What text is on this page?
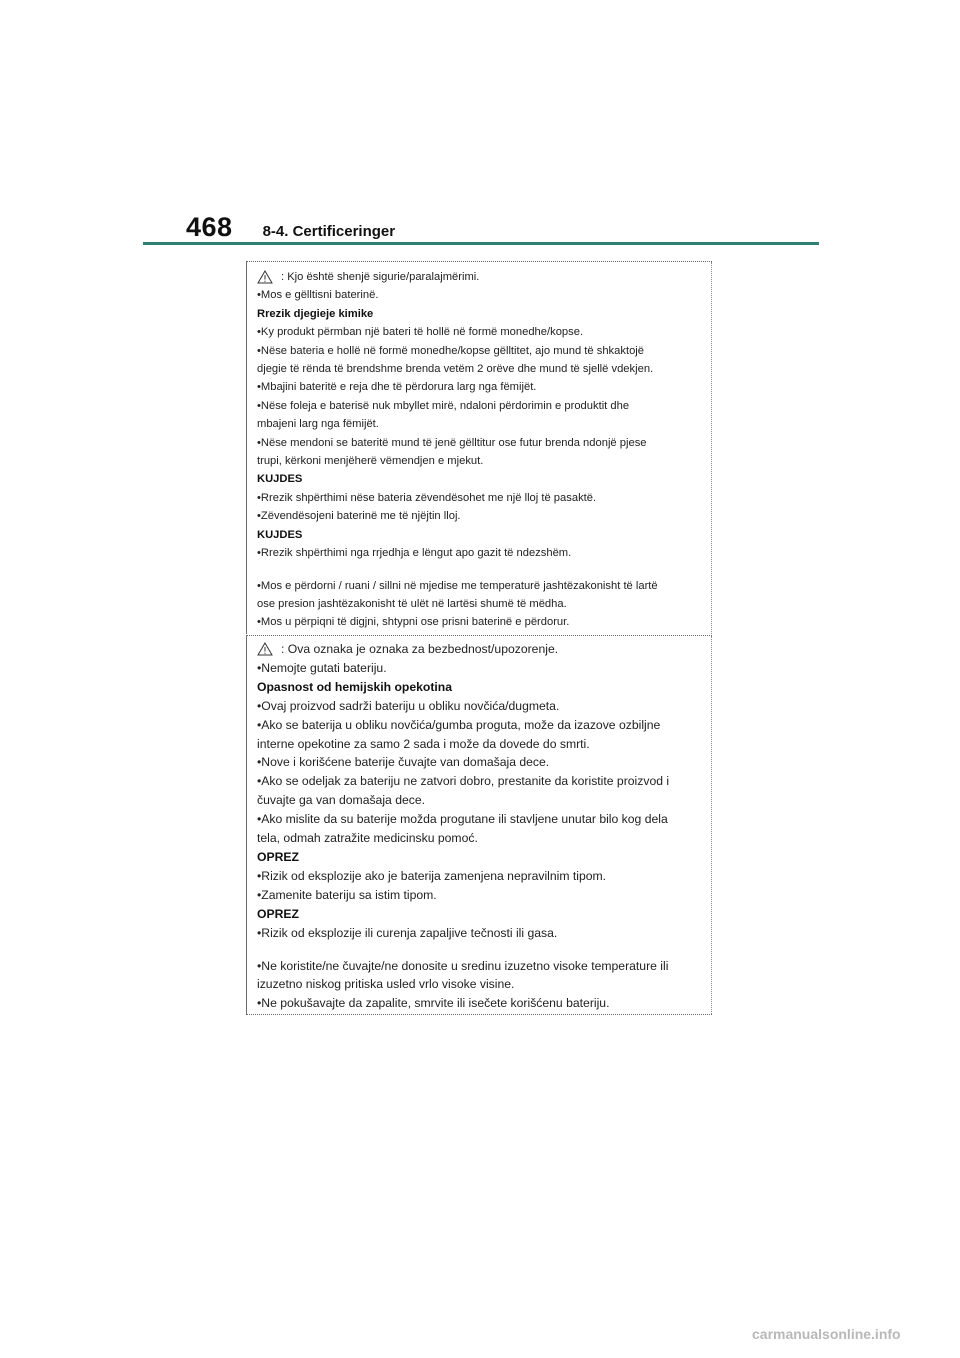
468 8-4. Certificeringer

: Kjo është shenjë sigurie/paralajmërimi.

•Mos e gëlltisni baterinë.

Rrezik djegieje kimike

•Ky produkt përmban një bateri të hollë në formë monedhe/kopse.

•Nëse bateria e hollë në formë monedhe/kopse gëlltitet, ajo mund të shkaktojë

djegie të rënda të brendshme brenda vetëm 2 orëve dhe mund të sjellë vdekjen.

•Mbajini bateritë e reja dhe të përdorura larg nga fëmijët.

•Nëse foleja e baterisë nuk mbyllet mirë, ndaloni përdorimin e produktit dhe

mbajeni larg nga fëmijët.

•Nëse mendoni se bateritë mund të jenë gëlltitur ose futur brenda ndonjë pjese

trupi, kërkoni menjëherë vëmendjen e mjekut.

KUJDES

•Rrezik shpërthimi nëse bateria zëvendësohet me një lloj të pasaktë.

•Zëvendësojeni baterinë me të njëjtin lloj.

KUJDES

•Rrezik shpërthimi nga rrjedhja e lëngut apo gazit të ndezshëm.

•Mos e përdorni / ruani / sillni në mjedise me temperaturë jashtëzakonisht të lartë

ose presion jashtëzakonisht të ulët në lartësi shumë të mëdha.

•Mos u përpiqni të digjni, shtypni ose prisni baterinë e përdorur.

: Ova oznaka je oznaka za bezbednost/upozorenje.

•Nemojte gutati bateriju.

Opasnost od hemijskih opekotina

•Ovaj proizvod sadrži bateriju u obliku novčića/dugmeta.

•Ako se baterija u obliku novčića/gumba proguta, može da izazove ozbiljne

interne opekotine za samo 2 sada i može da dovede do smrti.

•Nove i korišćene baterije čuvajte van domašaja dece.

•Ako se odeljak za bateriju ne zatvori dobro, prestanite da koristite proizvod i

čuvajte ga van domašaja dece.

•Ako mislite da su baterije možda progutane ili stavljene unutar bilo kog dela

tela, odmah zatražite medicinsku pomoć.

OPREZ

•Rizik od eksplozije ako je baterija zamenjena nepravilnim tipom.

•Zamenite bateriju sa istim tipom.

OPREZ

•Rizik od eksplozije ili curenja zapaljive tečnosti ili gasa.

•Ne koristite/ne čuvajte/ne donosite u sredinu izuzetno visoke temperature ili

izuzetno niskog pritiska usled vrlo visoke visine.

•Ne pokušavajte da zapalite, smrvite ili isečete korišćenu bateriju.

carmanualsonline.info
